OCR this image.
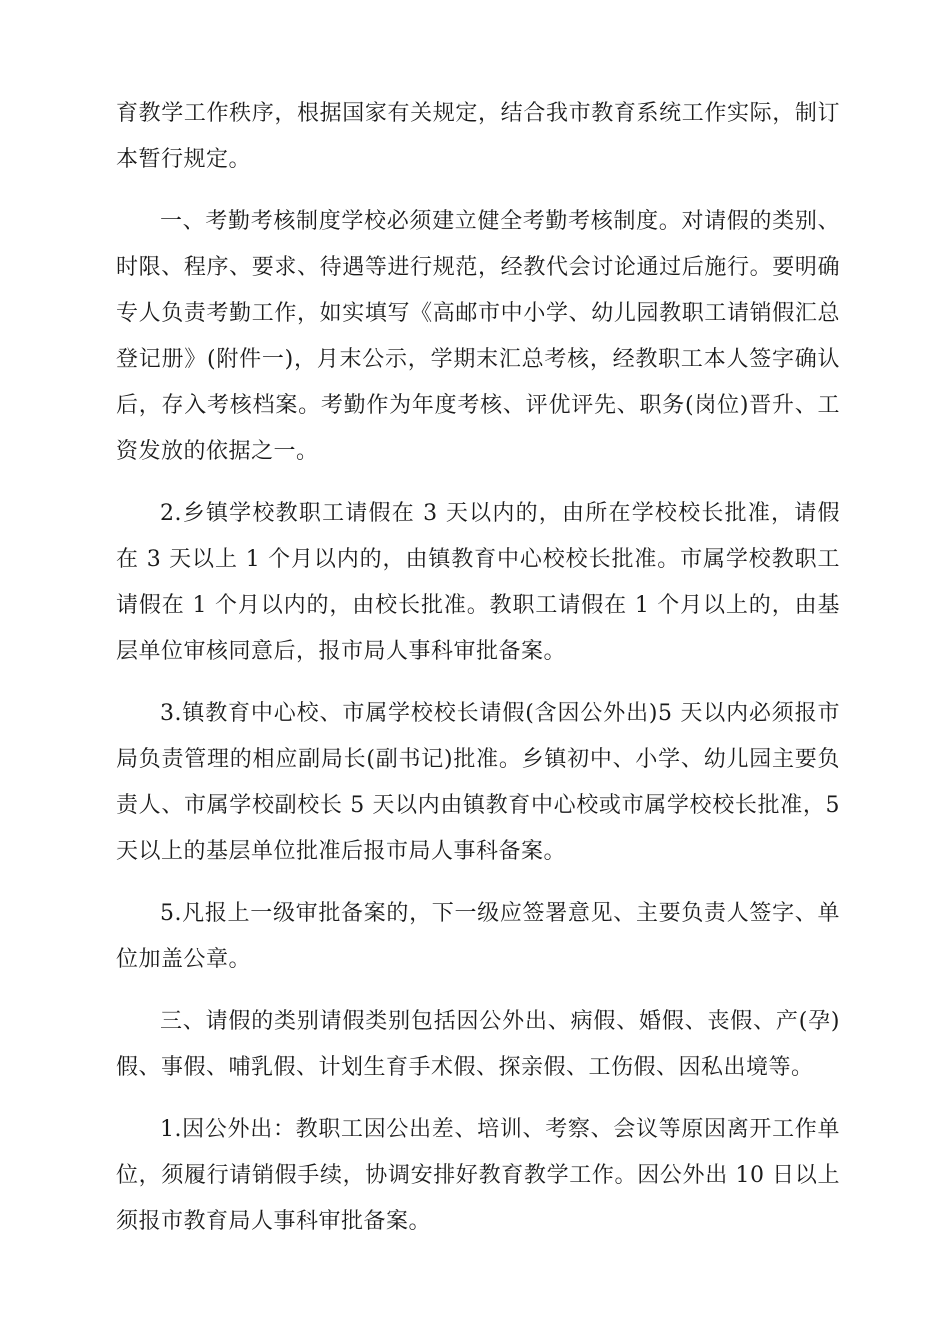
育教学工作秩序，根据国家有关规定，结合我市教育系统工作实际，制订本暂行规定。

一、考勤考核制度学校必须建立健全考勤考核制度。对请假的类别、时限、程序、要求、待遇等进行规范，经教代会讨论通过后施行。要明确专人负责考勤工作，如实填写《高邮市中小学、幼儿园教职工请销假汇总登记册》(附件一)，月末公示，学期末汇总考核，经教职工本人签字确认后，存入考核档案。考勤作为年度考核、评优评先、职务(岗位)晋升、工资发放的依据之一。

2.乡镇学校教职工请假在 3 天以内的，由所在学校校长批准，请假在 3 天以上 1 个月以内的，由镇教育中心校校长批准。市属学校教职工请假在 1 个月以内的，由校长批准。教职工请假在 1 个月以上的，由基层单位审核同意后，报市局人事科审批备案。

3.镇教育中心校、市属学校校长请假(含因公外出)5 天以内必须报市局负责管理的相应副局长(副书记)批准。乡镇初中、小学、幼儿园主要负责人、市属学校副校长 5 天以内由镇教育中心校或市属学校校长批准，5 天以上的基层单位批准后报市局人事科备案。

5.凡报上一级审批备案的，下一级应签署意见、主要负责人签字、单位加盖公章。

三、请假的类别请假类别包括因公外出、病假、婚假、丧假、产(孕)假、事假、哺乳假、计划生育手术假、探亲假、工伤假、因私出境等。

1.因公外出：教职工因公出差、培训、考察、会议等原因离开工作单位，须履行请销假手续，协调安排好教育教学工作。因公外出 10 日以上须报市教育局人事科审批备案。
